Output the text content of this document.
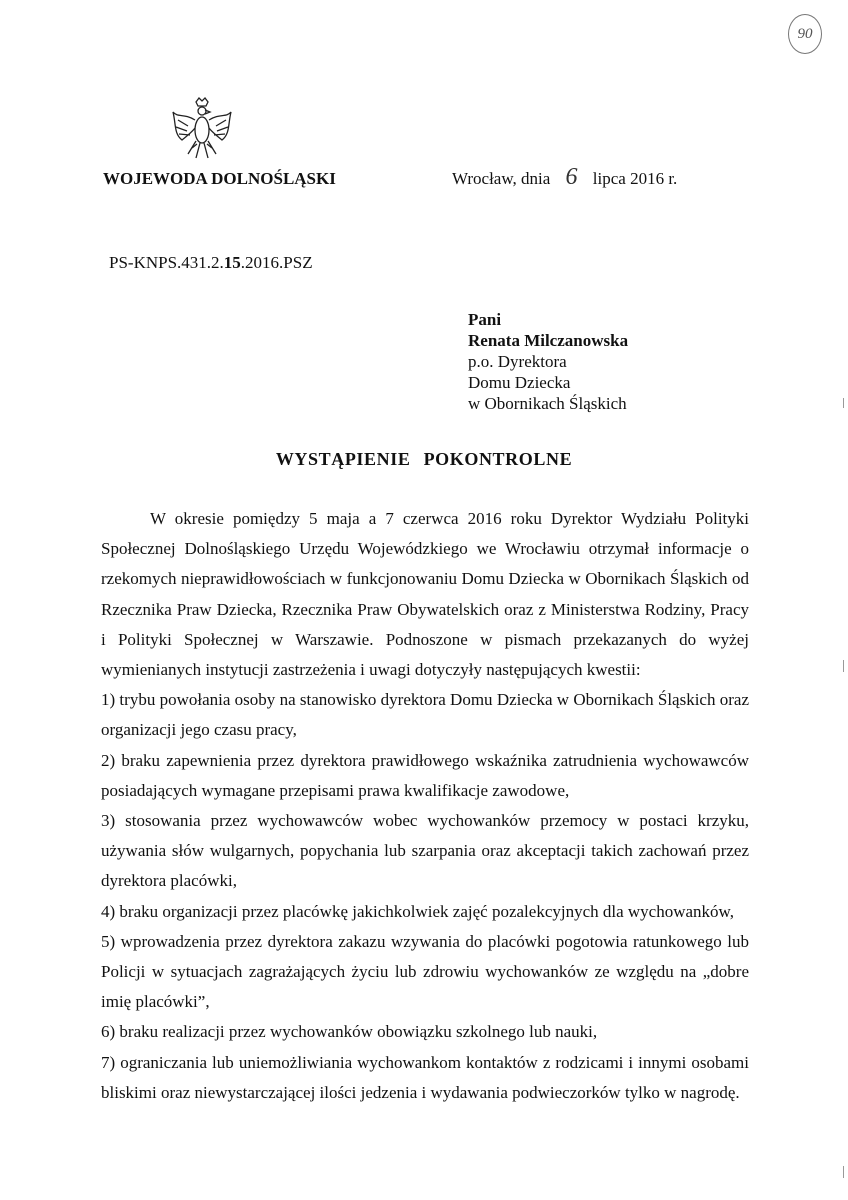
90
WOJEWODA DOLNOŚLĄSKI	Wrocław, dnia 6 lipca 2016 r.
PS-KNPS.431.2.15.2016.PSZ
Pani
Renata Milczanowska
p.o. Dyrektora
Domu Dziecka
w Obornikach Śląskich
WYSTĄPIENIE POKONTROLNE

W okresie pomiędzy 5 maja a 7 czerwca 2016 roku Dyrektor Wydziału Polityki Społecznej Dolnośląskiego Urzędu Wojewódzkiego we Wrocławiu otrzymał informacje o rzekomych nieprawidłowościach w funkcjonowaniu Domu Dziecka w Obornikach Śląskich od Rzecznika Praw Dziecka, Rzecznika Praw Obywatelskich oraz z Ministerstwa Rodziny, Pracy i Polityki Społecznej w Warszawie. Podnoszone w pismach przekazanych do wyżej wymienianych instytucji zastrzeżenia i uwagi dotyczyły następujących kwestii:

1) trybu powołania osoby na stanowisko dyrektora Domu Dziecka w Obornikach Śląskich oraz organizacji jego czasu pracy,

2) braku zapewnienia przez dyrektora prawidłowego wskaźnika zatrudnienia wychowawców posiadających wymagane przepisami prawa kwalifikacje zawodowe,

3) stosowania przez wychowawców wobec wychowanków przemocy w postaci krzyku, używania słów wulgarnych, popychania lub szarpania oraz akceptacji takich zachowań przez dyrektora placówki,

4) braku organizacji przez placówkę jakichkolwiek zajęć pozalekcyjnych dla wychowanków,

5) wprowadzenia przez dyrektora zakazu wzywania do placówki pogotowia ratunkowego lub Policji w sytuacjach zagrażających życiu lub zdrowiu wychowanków ze względu na „dobre imię placówki”,

6) braku realizacji przez wychowanków obowiązku szkolnego lub nauki,

7) ograniczania lub uniemożliwiania wychowankom kontaktów z rodzicami i innymi osobami bliskimi oraz niewystarczającej ilości jedzenia i wydawania podwieczorków tylko w nagrodę.
